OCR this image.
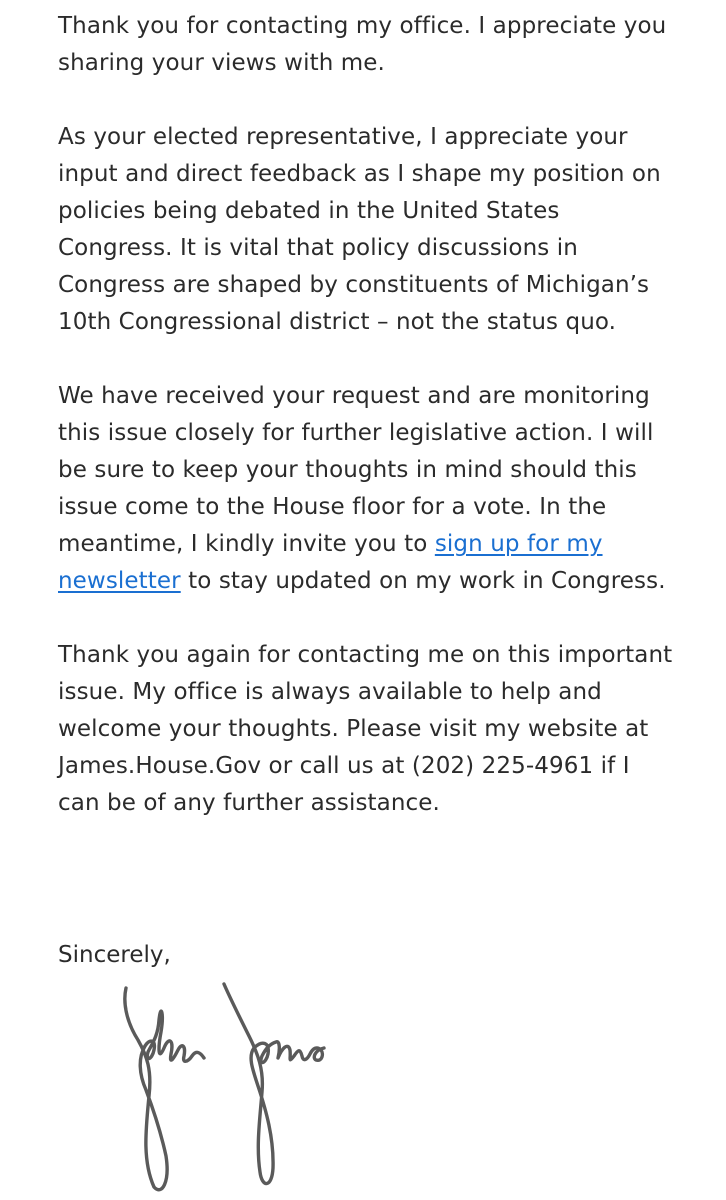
Thank you for contacting my office. I appreciate you sharing your views with me.

As your elected representative, I appreciate your input and direct feedback as I shape my position on policies being debated in the United States Congress. It is vital that policy discussions in Congress are shaped by constituents of Michigan’s 10th Congressional district – not the status quo.

We have received your request and are monitoring this issue closely for further legislative action. I will be sure to keep your thoughts in mind should this issue come to the House floor for a vote. In the meantime, I kindly invite you to sign up for my newsletter to stay updated on my work in Congress.

Thank you again for contacting me on this important issue. My office is always available to help and welcome your thoughts. Please visit my website at James.House.Gov or call us at (202) 225-4961 if I can be of any further assistance.

Sincerely,
